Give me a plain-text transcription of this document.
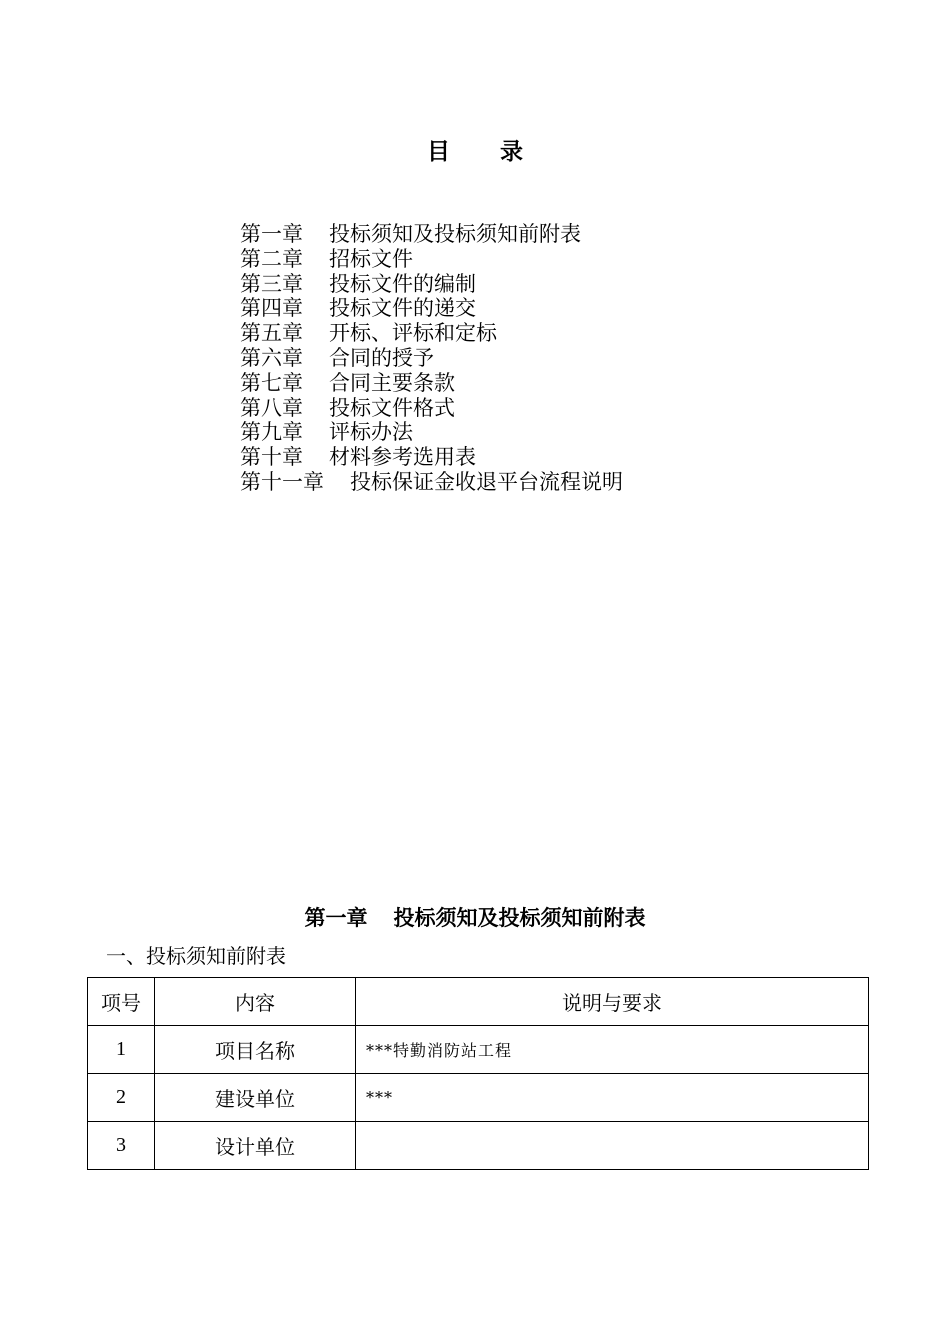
目 录
第一章 投标须知及投标须知前附表
第二章 招标文件
第三章 投标文件的编制
第四章 投标文件的递交
第五章 开标、评标和定标
第六章 合同的授予
第七章 合同主要条款
第八章 投标文件格式
第九章 评标办法
第十章 材料参考选用表
第十一章 投标保证金收退平台流程说明
第一章 投标须知及投标须知前附表
一、投标须知前附表
项号	内容	说明与要求
1	项目名称	***特勤消防站工程
2	建设单位	***
3	设计单位	
